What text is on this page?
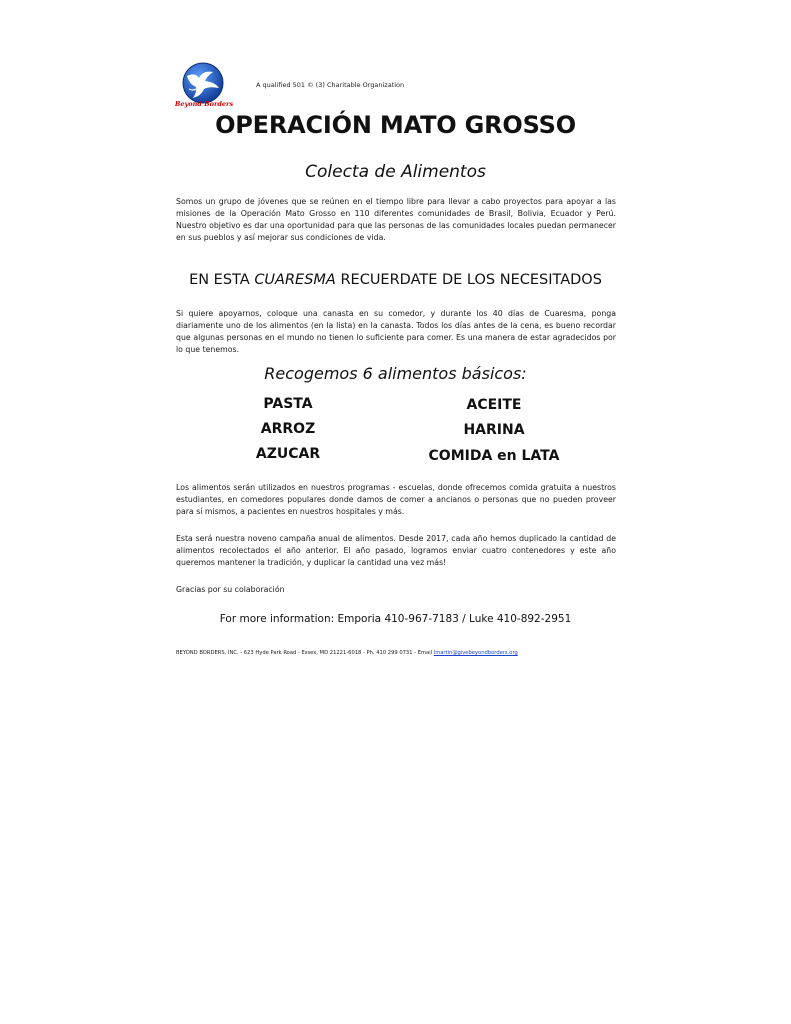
Beyond Borders
A qualified 501 © (3) Charitable Organization
OPERACIÓN MATO GROSSO
Colecta de Alimentos
Somos un grupo de jóvenes que se reúnen en el tiempo libre para llevar a cabo proyectos para apoyar a las misiones de la Operación Mato Grosso en 110 diferentes comunidades de Brasil, Bolivia, Ecuador y Perú. Nuestro objetivo es dar una oportunidad para que las personas de las comunidades locales puedan permanecer en sus pueblos y así mejorar sus condiciones de vida.
EN ESTA CUARESMA RECUERDATE DE LOS NECESITADOS
Si quiere apoyarnos, coloque una canasta en su comedor, y durante los 40 días de Cuaresma, ponga diariamente uno de los alimentos (en la lista) en la canasta. Todos los días antes de la cena, es bueno recordar que algunas personas en el mundo no tienen lo suficiente para comer. Es una manera de estar agradecidos por lo que tenemos.
Recogemos 6 alimentos básicos:
PASTA
ARROZ
AZUCAR
ACEITE
HARINA
COMIDA en LATA
Los alimentos serán utilizados en nuestros programas - escuelas, donde ofrecemos comida gratuita a nuestros estudiantes, en comedores populares donde damos de comer a ancianos o personas que no pueden proveer para sí mismos, a pacientes en nuestros hospitales y más.
Esta será nuestra noveno campaña anual de alimentos. Desde 2017, cada año hemos duplicado la cantidad de alimentos recolectados el año anterior. El año pasado, logramos enviar cuatro contenedores y este año queremos mantener la tradición, y duplicar la cantidad una vez más!
Gracias por su colaboración
For more information: Emporia 410-967-7183 / Luke 410-892-2951
BEYOND BORDERS, INC. - 623 Hyde Park Road - Essex, MD 21221-6018 - Ph. 410 299 0731 - Email lmartin@givebeyondborders.org
